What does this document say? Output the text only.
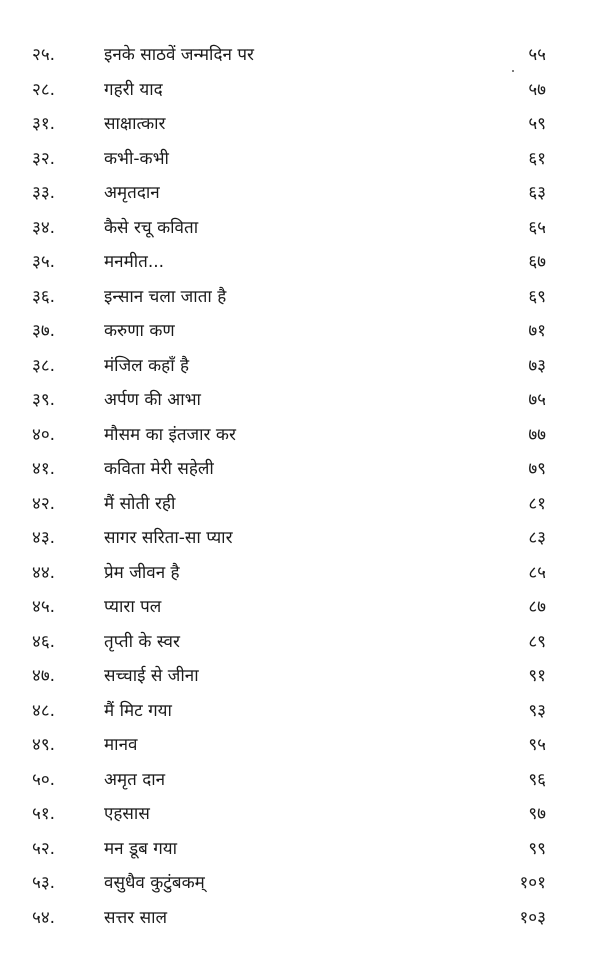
२५.	इनके साठवें जन्मदिन पर	५५
२८.	गहरी याद	५७
३१.	साक्षात्कार	५९
३२.	कभी-कभी	६१
३३.	अमृतदान	६३
३४.	कैसे रचू कविता	६५
३५.	मनमीत...	६७
३६.	इन्सान चला जाता है	६९
३७.	करुणा कण	७१
३८.	मंजिल कहाँ है	७३
३९.	अर्पण की आभा	७५
४०.	मौसम का इंतजार कर	७७
४१.	कविता मेरी सहेली	७९
४२.	मैं सोती रही	८१
४३.	सागर सरिता-सा प्यार	८३
४४.	प्रेम जीवन है	८५
४५.	प्यारा पल	८७
४६.	तृप्ती के स्वर	८९
४७.	सच्चाई से जीना	९१
४८.	मैं मिट गया	९३
४९.	मानव	९५
५०.	अमृत दान	९६
५१.	एहसास	९७
५२.	मन डूब गया	९९
५३.	वसुधैव कुटुंबकम्	१०१
५४.	सत्तर साल	१०३
